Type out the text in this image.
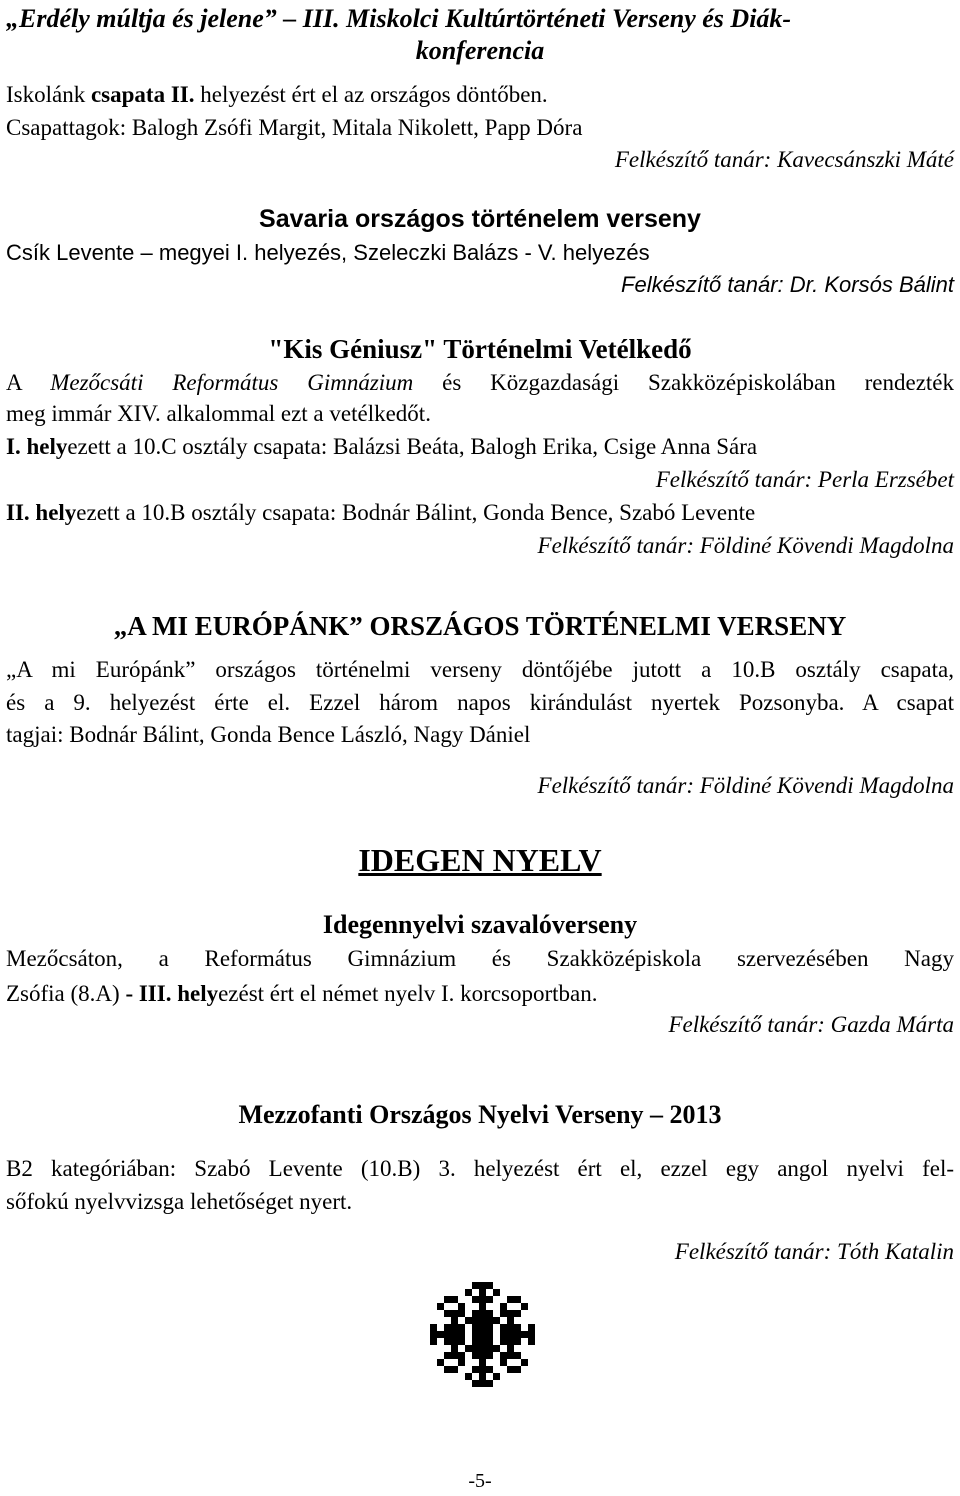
„Erdély múltja és jelene” – III. Miskolci Kultúrtörténeti Verseny és Diák-
konferencia
Iskolánk csapata II. helyezést ért el az országos döntőben.
Csapattagok: Balogh Zsófi Margit, Mitala Nikolett, Papp Dóra
Felkészítő tanár: Kavecsánszki Máté
Savaria országos történelem verseny
Csík Levente – megyei I. helyezés, Szeleczki Balázs - V. helyezés
Felkészítő tanár: Dr. Korsós Bálint
"Kis Géniusz" Történelmi Vetélkedő
A Mezőcsáti Református Gimnázium és Közgazdasági Szakközépiskolában rendezték
meg immár XIV. alkalommal ezt a vetélkedőt.
I. helyezett a 10.C osztály csapata: Balázsi Beáta, Balogh Erika, Csige Anna Sára
Felkészítő tanár: Perla Erzsébet
II. helyezett a 10.B osztály csapata: Bodnár Bálint, Gonda Bence, Szabó Levente
Felkészítő tanár: Földiné Kövendi Magdolna
„A MI EURÓPÁNK” ORSZÁGOS TÖRTÉNELMI VERSENY
„A mi Európánk” országos történelmi verseny döntőjébe jutott a 10.B osztály csapata,
és a 9. helyezést érte el. Ezzel három napos kirándulást nyertek Pozsonyba. A csapat
tagjai: Bodnár Bálint, Gonda Bence László, Nagy Dániel
Felkészítő tanár: Földiné Kövendi Magdolna
IDEGEN NYELV
Idegennyelvi szavalóverseny
Mezőcsáton, a Református Gimnázium és Szakközépiskola szervezésében Nagy
Zsófia (8.A) - III. helyezést ért el német nyelv I. korcsoportban.
Felkészítő tanár: Gazda Márta
Mezzofanti Országos Nyelvi Verseny – 2013
B2 kategóriában: Szabó Levente (10.B) 3. helyezést ért el, ezzel egy angol nyelvi fel-
sőfokú nyelvvizsga lehetőséget nyert.
Felkészítő tanár: Tóth Katalin
-5-
